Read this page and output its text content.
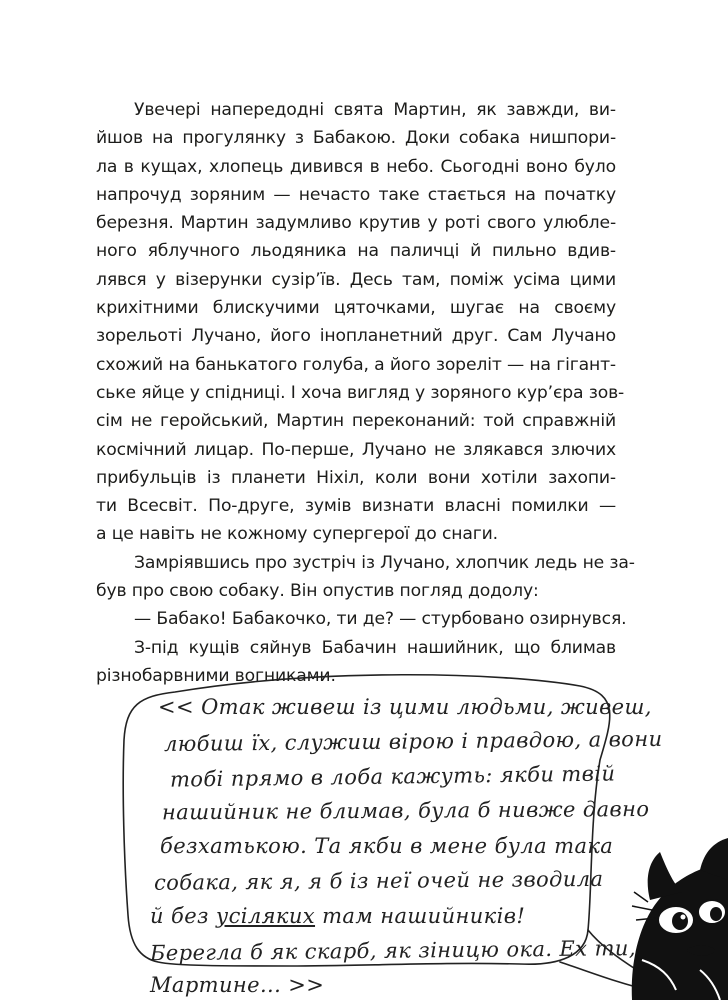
Увечері напередодні свята Мартин, як завжди, ви-
йшов на прогулянку з Бабакою. Доки собака нишпори-
ла в кущах, хлопець дивився в небо. Сьогодні воно було
напрочуд зоряним — нечасто таке стається на початку
березня. Мартин задумливо крутив у роті свого улюбле-
ного яблучного льодяника на паличці й пильно вдив-
лявся у візерунки сузір’їв. Десь там, поміж усіма цими
крихітними блискучими цяточками, шугає на своєму
зорельоті Лучано, його інопланетний друг. Сам Лучано
схожий на банькатого голуба, а його зореліт — на гігант-
ське яйце у спідниці. І хоча вигляд у зоряного кур’єра зов-
сім не геройський, Мартин переконаний: той справжній
космічний лицар. По-перше, Лучано не злякався злючих
прибульців із планети Ніхіл, коли вони хотіли захопи-
ти Всесвіт. По-друге, зумів визнати власні помилки —
а це навіть не кожному супергерої до снаги.
Замріявшись про зустріч із Лучано, хлопчик ледь не за-
був про свою собаку. Він опустив погляд додолу:
— Бабако! Бабакочко, ти де? — стурбовано озирнувся.
З-під кущів сяйнув Бабачин нашийник, що блимав
різнобарвними вогниками.
<< Отак живеш із цими людьми, живеш,
любиш їх, служиш вірою і правдою, а вони
тобі прямо в лоба кажуть: якби твій
нашийник не блимав, була б нивже давно
безхатькою. Та якби в мене була така
собака, як я, я б із неї очей не зводила
й без усіляких там нашийників!
Берегла б як скарб, як зіницю ока. Ех ти,
Мартине... >>
